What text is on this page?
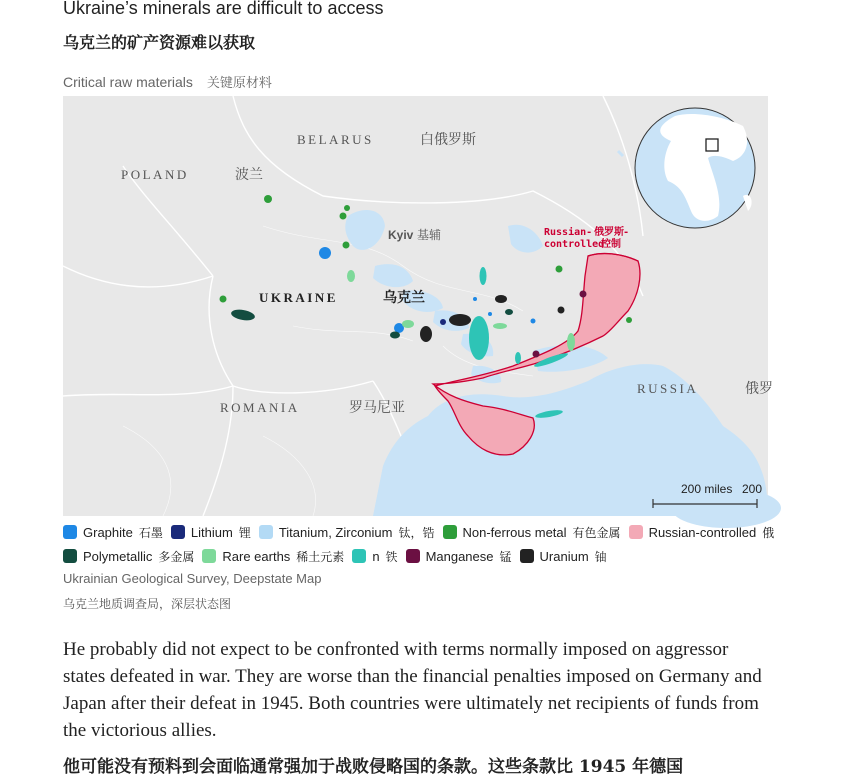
Ukraine’s minerals are difficult to access
乌克兰的矿产资源难以获取
Critical raw materials 关键原材料
BELARUS
POLAND
ROMANIA
RUSSIA
UKRAINE
白俄罗斯
波兰
罗马尼亚
俄罗
乌克兰
Kyiv 基辅	Russian-
controlled
俄罗斯-
控制
200 miles 200
Graphite 石墨 Lithium 锂 Titanium, Zirconium 钛，锆 Non-ferrous metal 有色金属 Russian-controlled 俄
Polymetallic 多金属 Rare earths 稀土元素 n 铁 Manganese 锰 Uranium 铀
Ukrainian Geological Survey, Deepstate Map
乌克兰地质调查局，深层状态图

He probably did not expect to be confronted with terms normally imposed on aggressor states defeated in war. They are worse than the financial penalties imposed on Germany and Japan after their defeat in 1945. Both countries were ultimately net recipients of funds from the victorious allies.

他可能没有预料到会面临通常强加于战败侵略国的条款。这些条款比 1945 年德国
